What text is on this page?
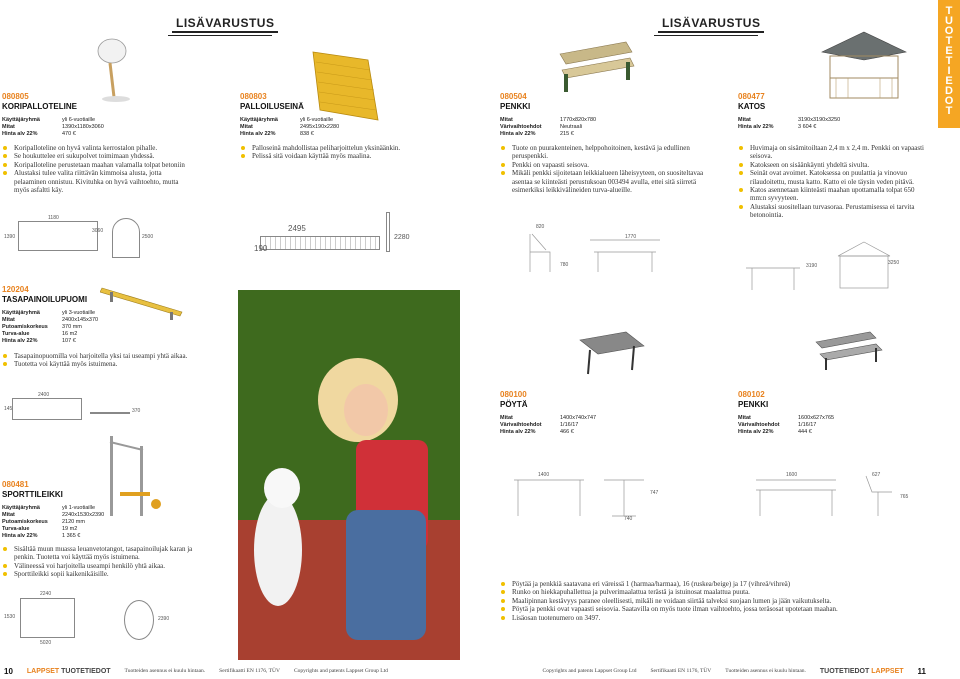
LISÄVARUSTUS	LISÄVARUSTUS
T
U
O
T
E
T
I
E
D
O
T
080805
KORIPALLOTELINE
Käyttäjäryhmä	yli 6-vuotiaille
Mitat	1390x1180x3060
Hinta alv 22%	470 €
Koripalloteline on hyvä valinta kerrostalon pihalle.
Se houkuttelee eri sukupolvet toimimaan yhdessä.
Koripalloteline perustetaan maahan valamalla tolpat betoniin
Alustaksi tulee valita riittävän kimmoisa alusta, jotta pelaaminen onnistuu. Kivituhka on hyvä vaihtoehto, mutta myös asfaltti käy.
1180
1390
3060
2500
080803
PALLOILUSEINÄ
Käyttäjäryhmä	yli 6-vuotiaille
Mitat	2495x190x2280
Hinta alv 22%	838 €
Palloseinä mahdollistaa peliharjoittelun yksinäänkin.
Pelissä sitä voidaan käyttää myös maalina.
2495
190
2280
080504
PENKKI
Mitat	1770x820x780
Värivaihtoehdot	Neutraali
Hinta alv 22%	215 €
Tuote on puurakenteinen, helppohoitoinen, kestävä ja edullinen peruspenkki.
Penkki on vapaasti seisova.
Mikäli penkki sijoitetaan leikkialueen läheisyyteen, on suositeltavaa asentaa se kiinteästi perustuksoan 003494 avulla, ettei sitä siirretä esimerkiksi leikkivälineiden turva-alueille.
820
1770
780
080477
KATOS
Mitat	3190x3190x3250
Hinta alv 22%	3 604 €
Huvimaja on sisämitoiltaan 2,4 m x 2,4 m. Penkki on vapaasti seisova.
Katokseen on sisäänkäynti yhdeltä sivulta.
Seinät ovat avoimet. Katoksessa on puulattia ja vinovuo rilaudoitettu, musta katto. Katto ei ole täysin veden pitävä.
Katos asennetaan kiinteästi maahan upottamalla tolpat 650 mm:n syvyyteen.
Alustaksi suositellaan turvasoraa. Perustamisessa ei tarvita betonointia.
3190	3250
120204
TASAPAINOILUPUOMI
Käyttäjäryhmä	yli 3-vuotiaille
Mitat	2400x145x370
Putoamiskorkeus	370 mm
Turva-alue	16 m2
Hinta alv 22%	107 €
Tasapainopuomilla voi harjoitella yksi tai useampi yhtä aikaa.
Tuotetta voi käyttää myös istuimena.
2400
145	370
080481
SPORTTILEIKKI
Käyttäjäryhmä	yli 1-vuotiaille
Mitat	2240x1530x2390
Putoamiskorkeus	2120 mm
Turva-alue	19 m2
Hinta alv 22%	1 365 €
Sisältää muun muassa leuanvetotangot, tasapainoilujak karan ja penkin. Tuotetta voi käyttää myös istuimena.
Välineessä voi harjoitella useampi henkilö yhtä aikaa.
Sporttileikki sopii kaikenikäisille.
2240
1530	2390
5020
080100
PÖYTÄ
Mitat	1400x740x747
Värivaihtoehdot	1/16/17
Hinta alv 22%	466 €
1400
740
747
080102
PENKKI
Mitat	1600x627x765
Värivaihtoehdot	1/16/17
Hinta alv 22%	444 €
1600	627
765
Pöytää ja penkkiä saatavana eri väreissä 1 (harmaa/harmaa), 16 (ruskea/beige) ja 17 (vihreä/vihreä)
Runko on hiekkapuhallettua ja pulverimaalattua terästä ja istuinosat maalattua puuta.
Maalipinnan kestävyys paranee oleellisesti, mikäli ne voidaan siirtää talveksi suojaan lumen ja jään vaikutukselta.
Pöytä ja penkki ovat vapaasti seisovia. Saatavilla on myös tuote ilman vaihtoehto, jossa teräsosat upotetaan maahan.
Lisäosan tuotenumero on 3497.
10 LAPPSET TUOTETIEDOT	Tuotteiden asennus ei kuulu hintaan.	Sertifikaatti EN 1176, TÜV	Copyrights and patents Lappset Group Ltd	Copyrights and patents Lappset Group Ltd	Sertifikaatti EN 1176, TÜV	Tuotteiden asennus ei kuulu hintaan. TUOTETIEDOT LAPPSET 11
